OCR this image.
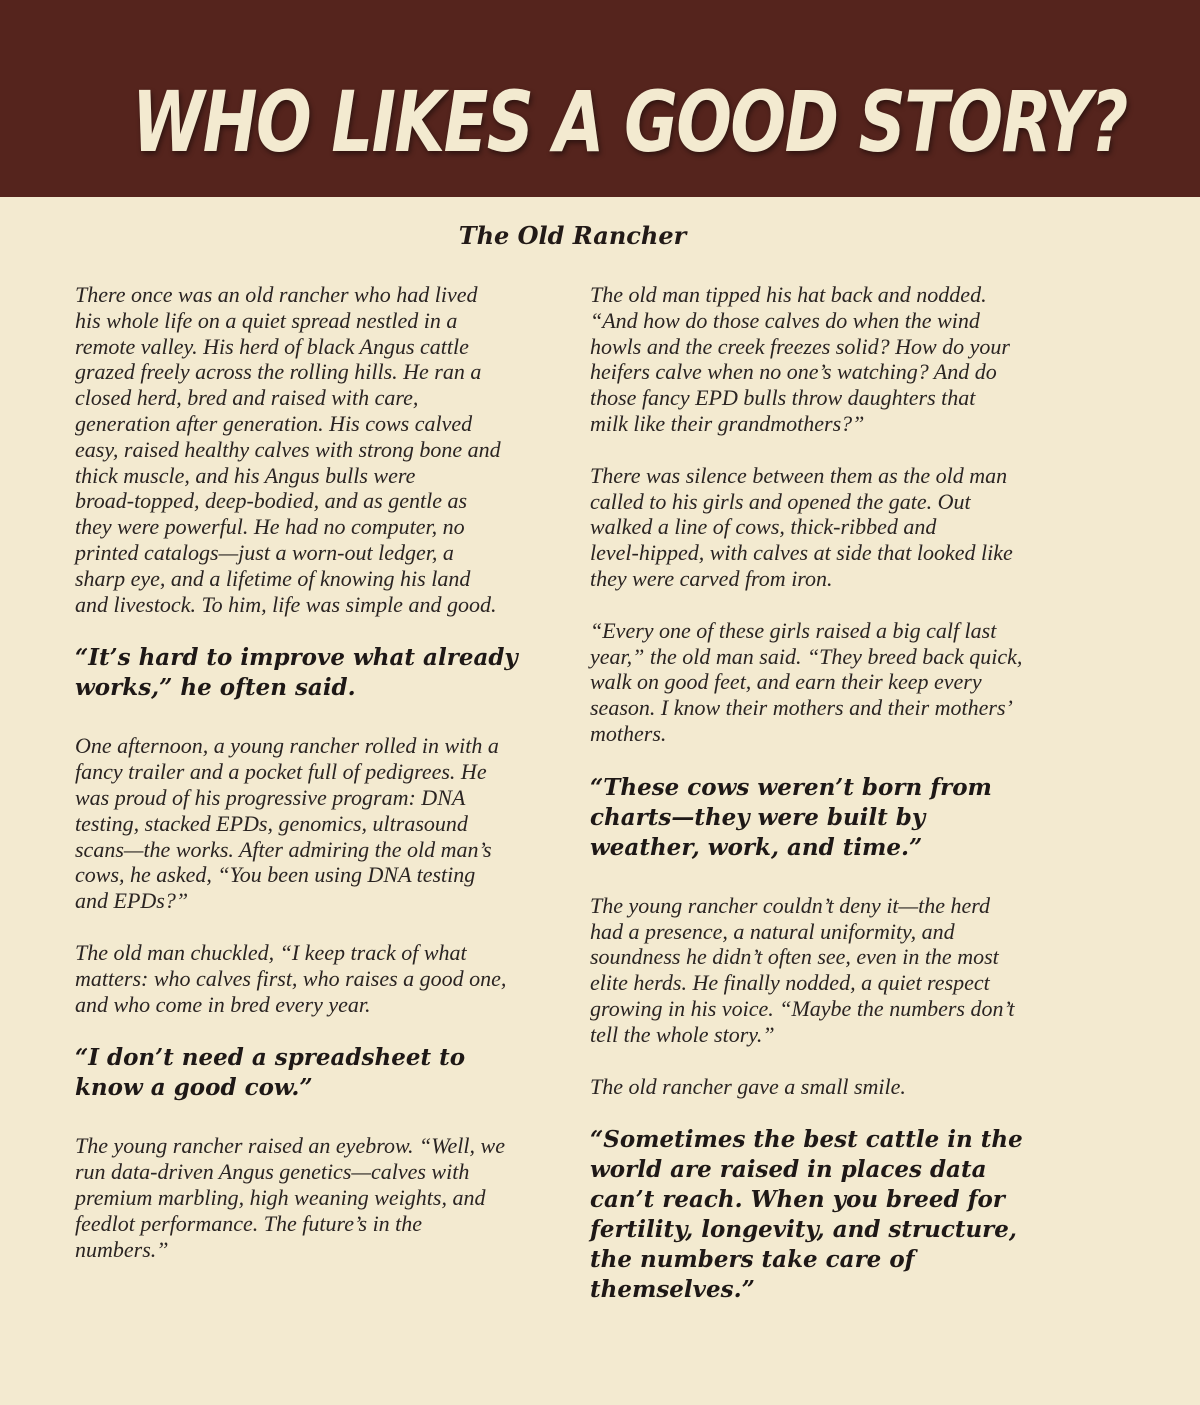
WHO LIKES A GOOD STORY?
The Old Rancher

There once was an old rancher who had lived
his whole life on a quiet spread nestled in a
remote valley. His herd of black Angus cattle
grazed freely across the rolling hills. He ran a
closed herd, bred and raised with care,
generation after generation. His cows calved
easy, raised healthy calves with strong bone and
thick muscle, and his Angus bulls were
broad-topped, deep-bodied, and as gentle as
they were powerful. He had no computer, no
printed catalogs—just a worn-out ledger, a
sharp eye, and a lifetime of knowing his land
and livestock. To him, life was simple and good.

“It’s hard to improve what already
works,” he often said.

One afternoon, a young rancher rolled in with a
fancy trailer and a pocket full of pedigrees. He
was proud of his progressive program: DNA
testing, stacked EPDs, genomics, ultrasound
scans—the works. After admiring the old man’s
cows, he asked, “You been using DNA testing
and EPDs?”

The old man chuckled, “I keep track of what
matters: who calves first, who raises a good one,
and who come in bred every year.

“I don’t need a spreadsheet to
know a good cow.”

The young rancher raised an eyebrow. “Well, we
run data-driven Angus genetics—calves with
premium marbling, high weaning weights, and
feedlot performance. The future’s in the
numbers.”

The old man tipped his hat back and nodded.
“And how do those calves do when the wind
howls and the creek freezes solid? How do your
heifers calve when no one’s watching? And do
those fancy EPD bulls throw daughters that
milk like their grandmothers?”

There was silence between them as the old man
called to his girls and opened the gate. Out
walked a line of cows, thick-ribbed and
level-hipped, with calves at side that looked like
they were carved from iron.

“Every one of these girls raised a big calf last
year,” the old man said. “They breed back quick,
walk on good feet, and earn their keep every
season. I know their mothers and their mothers’
mothers.

“These cows weren’t born from
charts—they were built by
weather, work, and time.”

The young rancher couldn’t deny it—the herd
had a presence, a natural uniformity, and
soundness he didn’t often see, even in the most
elite herds. He finally nodded, a quiet respect
growing in his voice. “Maybe the numbers don’t
tell the whole story.”

The old rancher gave a small smile.

“Sometimes the best cattle in the
world are raised in places data
can’t reach. When you breed for
fertility, longevity, and structure,
the numbers take care of
themselves.”
